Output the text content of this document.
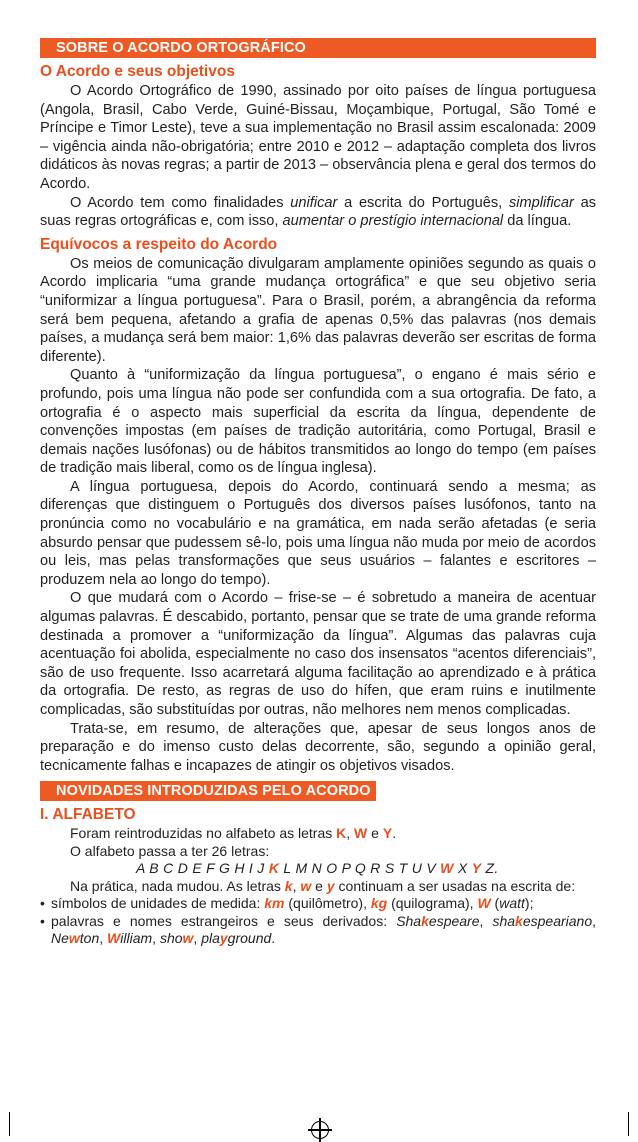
SOBRE O ACORDO ORTOGRÁFICO
O Acordo e seus objetivos

O Acordo Ortográfico de 1990, assinado por oito países de língua portuguesa (Angola, Brasil, Cabo Verde, Guiné-Bissau, Moçambique, Portugal, São Tomé e Príncipe e Timor Leste), teve a sua implementação no Brasil assim escalonada: 2009 – vigência ainda não-obrigatória; entre 2010 e 2012 – adaptação completa dos livros didáticos às novas regras; a partir de 2013 – observância plena e geral dos termos do Acordo.

O Acordo tem como finalidades unificar a escrita do Português, simplificar as suas regras ortográficas e, com isso, aumentar o prestígio internacional da língua.

Equívocos a respeito do Acordo

Os meios de comunicação divulgaram amplamente opiniões segundo as quais o Acordo implicaria “uma grande mudança ortográfica” e que seu objetivo seria “uniformizar a língua portuguesa”. Para o Brasil, porém, a abrangência da reforma será bem pequena, afetando a grafia de apenas 0,5% das palavras (nos demais países, a mudança será bem maior: 1,6% das palavras deverão ser escritas de forma diferente).

Quanto à “uniformização da língua portuguesa”, o engano é mais sério e profundo, pois uma língua não pode ser confundida com a sua ortografia. De fato, a ortografia é o aspecto mais superficial da escrita da língua, dependente de convenções impostas (em países de tradição autoritária, como Portugal, Brasil e demais nações lusófonas) ou de hábitos transmitidos ao longo do tempo (em países de tradição mais liberal, como os de língua inglesa).

A língua portuguesa, depois do Acordo, continuará sendo a mesma; as diferenças que distinguem o Português dos diversos países lusófonos, tanto na pronúncia como no vocabulário e na gramática, em nada serão afetadas (e seria absurdo pensar que pudessem sê-lo, pois uma língua não muda por meio de acordos ou leis, mas pelas transformações que seus usuários – falantes e escritores – produzem nela ao longo do tempo).

O que mudará com o Acordo – frise-se – é sobretudo a maneira de acentuar algumas palavras. É descabido, portanto, pensar que se trate de uma grande reforma destinada a promover a “uniformização da língua”. Algumas das palavras cuja acentuação foi abolida, especialmente no caso dos insensatos “acentos diferenciais”, são de uso frequente. Isso acarretará alguma facilitação ao aprendizado e à prática da ortografia. De resto, as regras de uso do hífen, que eram ruins e inutilmente complicadas, são substituídas por outras, não melhores nem menos complicadas.

Trata-se, em resumo, de alterações que, apesar de seus longos anos de preparação e do imenso custo delas decorrente, são, segundo a opinião geral, tecnicamente falhas e incapazes de atingir os objetivos visados.

NOVIDADES INTRODUZIDAS PELO ACORDO
I. ALFABETO

Foram reintroduzidas no alfabeto as letras K, W e Y.

O alfabeto passa a ter 26 letras:

A B C D E F G H I J K L M N O P Q R S T U V W X Y Z.

Na prática, nada mudou. As letras k, w e y continuam a ser usadas na escrita de:

• símbolos de unidades de medida: km (quilômetro), kg (quilograma), W (watt);

• palavras e nomes estrangeiros e seus derivados: Shakespeare, shakespeariano, Newton, William, show, playground.
